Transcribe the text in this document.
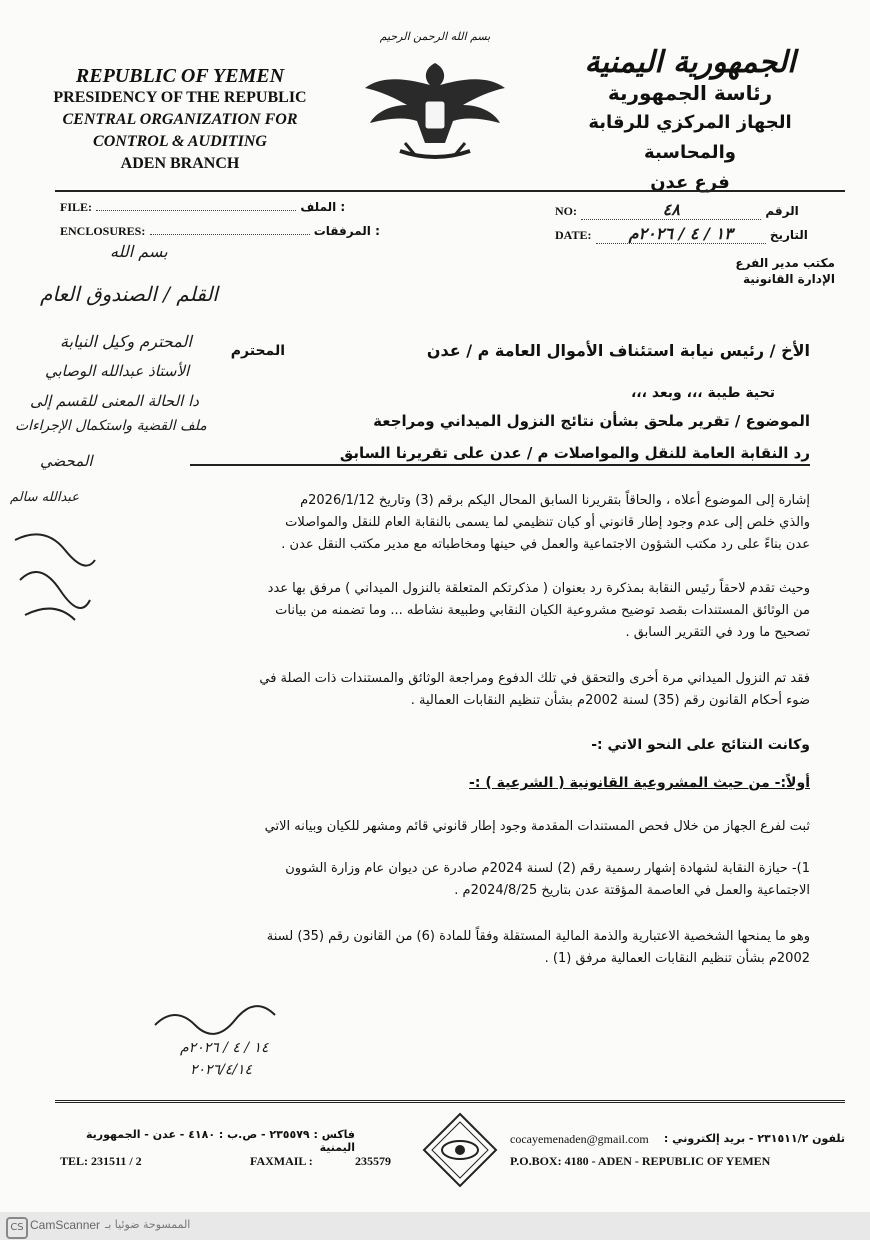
REPUBLIC OF YEMEN
PRESIDENCY OF THE REPUBLIC
CENTRAL ORGANIZATION FOR
CONTROL & AUDITING
ADEN BRANCH
بسم الله الرحمن الرحيم
الجمهورية اليمنية
رئاسة الجمهورية
الجهاز المركزي للرقابة والمحاسبة
فرع عدن
FILE:	الملف :
ENCLOSURES:	المرفقات :
NO:	٤٨	الرقم
DATE: ١٣ / ٤ / ٢٠٢٦م	التاريخ
مكتب مدير الفرع
الإدارة القانونية
بسم الله
القلم / الصندوق العام
المحترم وكيل النيابة
الأستاذ عبدالله الوصابي
دا الحالة المعنى للقسم إلى
ملف القضية واستكمال الإجراءات
المحضي
عبدالله سالم
الأخ / رئيس نيابة استئناف الأموال العامة م / عدن
المحترم
تحية طيبة ،،، وبعد ،،،
الموضوع / تقرير ملحق بشأن نتائج النزول الميداني ومراجعة
رد النقابة العامة للنقل والمواصلات م / عدن على تقريرنا السابق
إشارة إلى الموضوع أعلاه ، والحاقاً بتقريرنا السابق المحال اليكم برقم (3) وتاريخ 2026/1/12م
والذي خلص إلى عدم وجود إطار قانوني أو كيان تنظيمي لما يسمى بالنقابة العام للنقل والمواصلات
عدن بناءً على رد مكتب الشؤون الاجتماعية والعمل في حينها ومخاطباته مع مدير مكتب النقل عدن .
وحيث تقدم لاحقاً رئيس النقابة بمذكرة رد بعنوان ( مذكرتكم المتعلقة بالنزول الميداني ) مرفق بها عدد
من الوثائق المستندات بقصد توضيح مشروعية الكيان النقابي وطبيعة نشاطه ... وما تضمنه من بيانات
تصحيح ما ورد في التقرير السابق .
فقد تم النزول الميداني مرة أخرى والتحقق في تلك الدفوع ومراجعة الوثائق والمستندات ذات الصلة في
ضوء أحكام القانون رقم (35) لسنة 2002م بشأن تنظيم النقابات العمالية .
وكانت النتائج على النحو الاتي :-
أولاً:- من حيث المشروعية القانونية ( الشرعية ) :-
ثبت لفرع الجهاز من خلال فحص المستندات المقدمة وجود إطار قانوني قائم ومشهر للكيان وبيانه الاتي
1)- حيازة النقابة لشهادة إشهار رسمية رقم (2) لسنة 2024م صادرة عن ديوان عام وزارة الشوون
الاجتماعية والعمل في العاصمة المؤقتة عدن بتاريخ 2024/8/25م .
وهو ما يمنحها الشخصية الاعتبارية والذمة المالية المستقلة وفقاً للمادة (6) من القانون رقم (35) لسنة
2002م بشأن تنظيم النقابات العمالية مرفق (1) .
١٤ / ٤ / ٢٠٢٦م
٢٠٢٦/٤/١٤
فاكس : ٢٣٥٥٧٩ - ص.ب : ٤١٨٠ - عدن - الجمهورية اليمنية
TEL: 231511 / 2	FAXMAIL :	235579
cocayemenaden@gmail.com تلفون ٢٣١٥١١/٢ - بريد إلكتروني :
P.O.BOX: 4180 - ADEN - REPUBLIC OF YEMEN
CS CamScanner الممسوحة ضوئيا بـ
